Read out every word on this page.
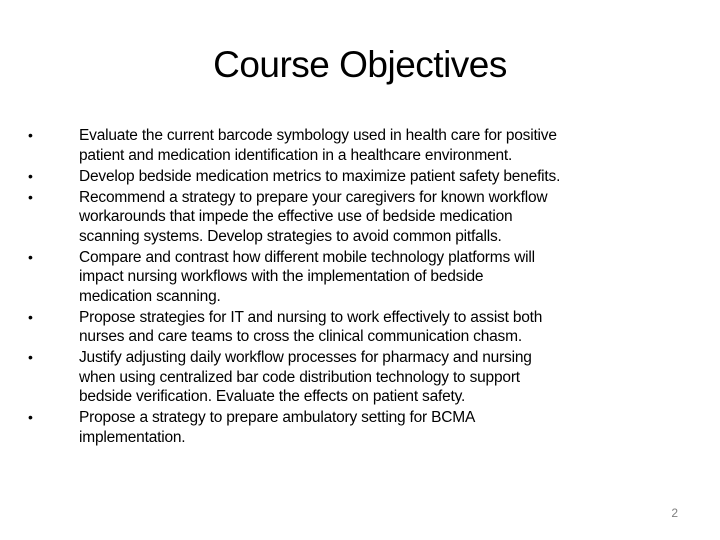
Course Objectives
•	Evaluate the current barcode symbology used in health care for positive
patient and medication identification in a healthcare environment.
•	Develop bedside medication metrics to maximize patient safety benefits.
•	Recommend a strategy to prepare your caregivers for known workflow
workarounds that impede the effective use of bedside medication
scanning systems. Develop strategies to avoid common pitfalls.
•	Compare and contrast how different mobile technology platforms will
impact nursing workflows with the implementation of bedside
medication scanning.
•	Propose strategies for IT and nursing to work effectively to assist both
nurses and care teams to cross the clinical communication chasm.
•	Justify adjusting daily workflow processes for pharmacy and nursing
when using centralized bar code distribution technology to support
bedside verification. Evaluate the effects on patient safety.
•	Propose a strategy to prepare ambulatory setting for BCMA
implementation.
2
